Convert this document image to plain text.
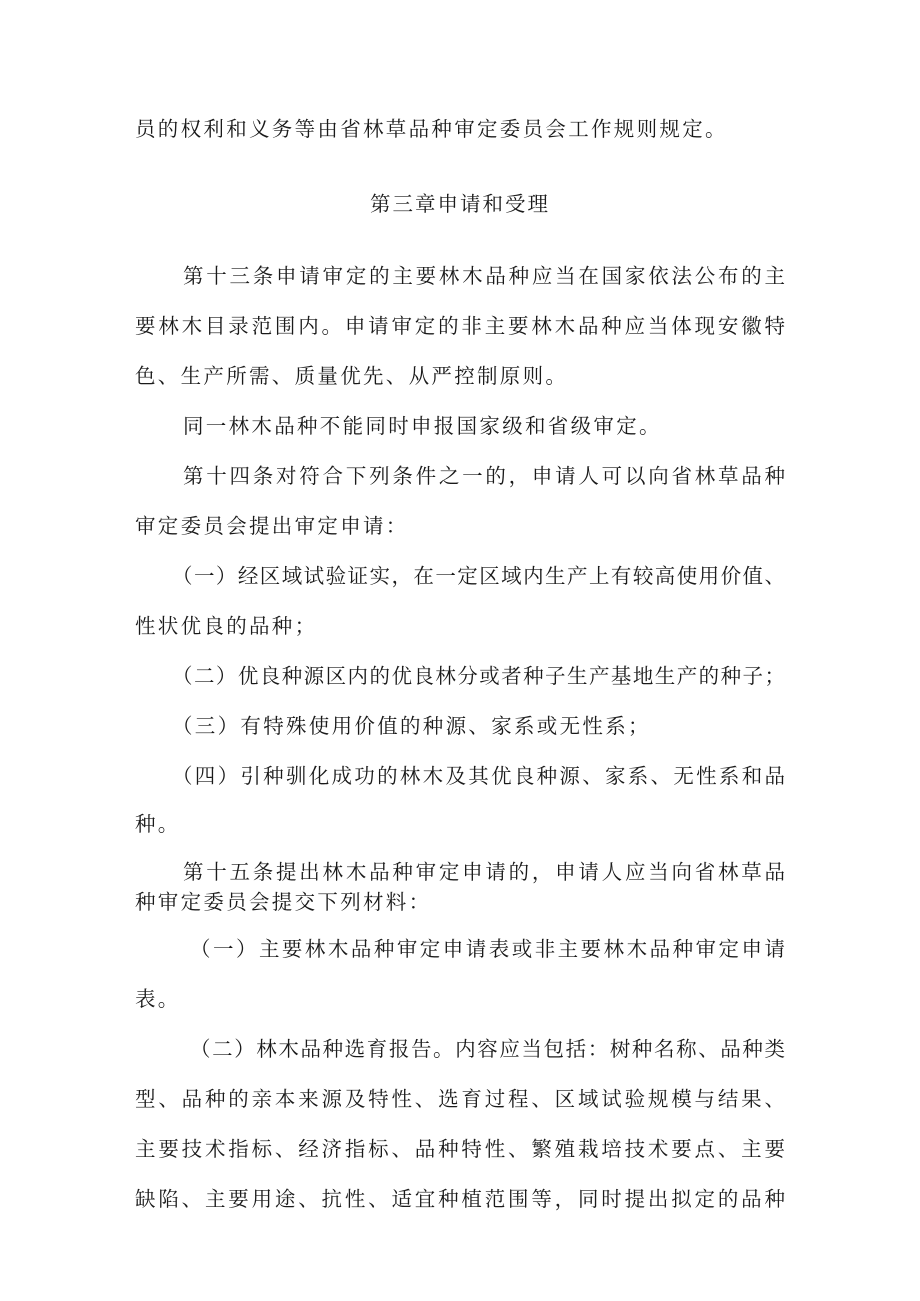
员的权利和义务等由省林草品种审定委员会工作规则规定。
第三章申请和受理
第十三条申请审定的主要林木品种应当在国家依法公布的主
要林木目录范围内。申请审定的非主要林木品种应当体现安徽特
色、生产所需、质量优先、从严控制原则。
同一林木品种不能同时申报国家级和省级审定。
第十四条对符合下列条件之一的，申请人可以向省林草品种
审定委员会提出审定申请：
（一）经区域试验证实，在一定区域内生产上有较高使用价值、
性状优良的品种；
（二）优良种源区内的优良林分或者种子生产基地生产的种子；
（三）有特殊使用价值的种源、家系或无性系；
（四）引种驯化成功的林木及其优良种源、家系、无性系和品
种。
第十五条提出林木品种审定申请的，申请人应当向省林草品
种审定委员会提交下列材料：
（一）主要林木品种审定申请表或非主要林木品种审定申请
表。
（二）林木品种选育报告。内容应当包括：树种名称、品种类
型、品种的亲本来源及特性、选育过程、区域试验规模与结果、
主要技术指标、经济指标、品种特性、繁殖栽培技术要点、主要
缺陷、主要用途、抗性、适宜种植范围等，同时提出拟定的品种
